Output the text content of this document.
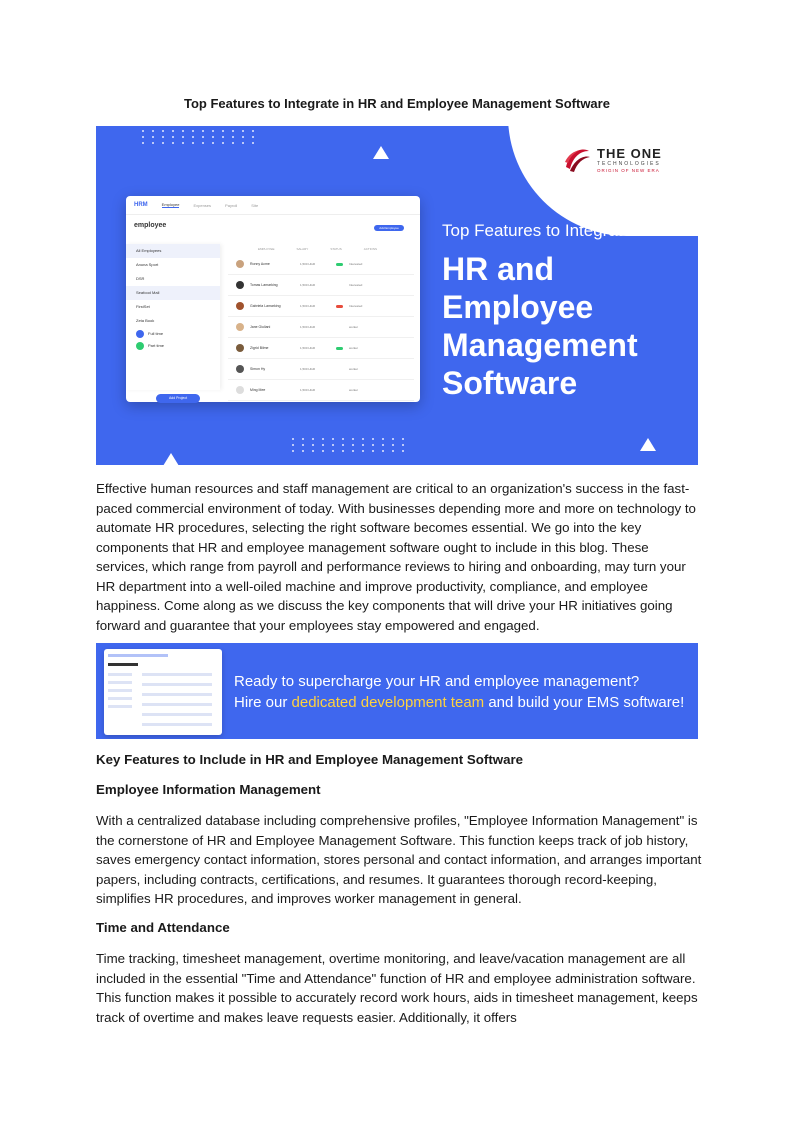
Top Features to Integrate in HR and Employee Management Software
THE ONE
TECHNOLOGIES
ORIGIN OF NEW ERA
HRM	Employee	Expenses	Payroll	Site
employee	Add Employee
All Employees
Anuna Sport
DSR
Seafood Mall
FirstSet
Zeta Book
Full time
Part time
Add Project
EMPLOYEE	SALARY	STATUS	ACTIONS
Ronny Acme	1,500 HGR	Interested
Tomas Lamarking	1,500 HGR	Interested
Gabriela Lamarking	1,500 HGR	Interested
Jane Giuliani	1,500 HGR	worker
Zigrid Bilme	1,500 HGR	worker
Simon Hy	1,500 HGR	worker
Ming Mee	1,500 HGR	worker
Top Features to Integrate in
HR and
Employee
Management
Software

Effective human resources and staff management are critical to an organization's success in the fast-paced commercial environment of today. With businesses depending more and more on technology to automate HR procedures, selecting the right software becomes essential. We go into the key components that HR and employee management software ought to include in this blog. These services, which range from payroll and performance reviews to hiring and onboarding, may turn your HR department into a well-oiled machine and improve productivity, compliance, and employee happiness. Come along as we discuss the key components that will drive your HR initiatives going forward and guarantee that your employees stay empowered and engaged.

Ready to supercharge your HR and employee management?
Hire our dedicated development team and build your EMS software!
Key Features to Include in HR and Employee Management Software
Employee Information Management

With a centralized database including comprehensive profiles, "Employee Information Management" is the cornerstone of HR and Employee Management Software. This function keeps track of job history, saves emergency contact information, stores personal and contact information, and arranges important papers, including contracts, certifications, and resumes. It guarantees thorough record-keeping, simplifies HR procedures, and improves worker management in general.

Time and Attendance

Time tracking, timesheet management, overtime monitoring, and leave/vacation management are all included in the essential "Time and Attendance" function of HR and employee administration software. This function makes it possible to accurately record work hours, aids in timesheet management, keeps track of overtime and makes leave requests easier. Additionally, it offers
